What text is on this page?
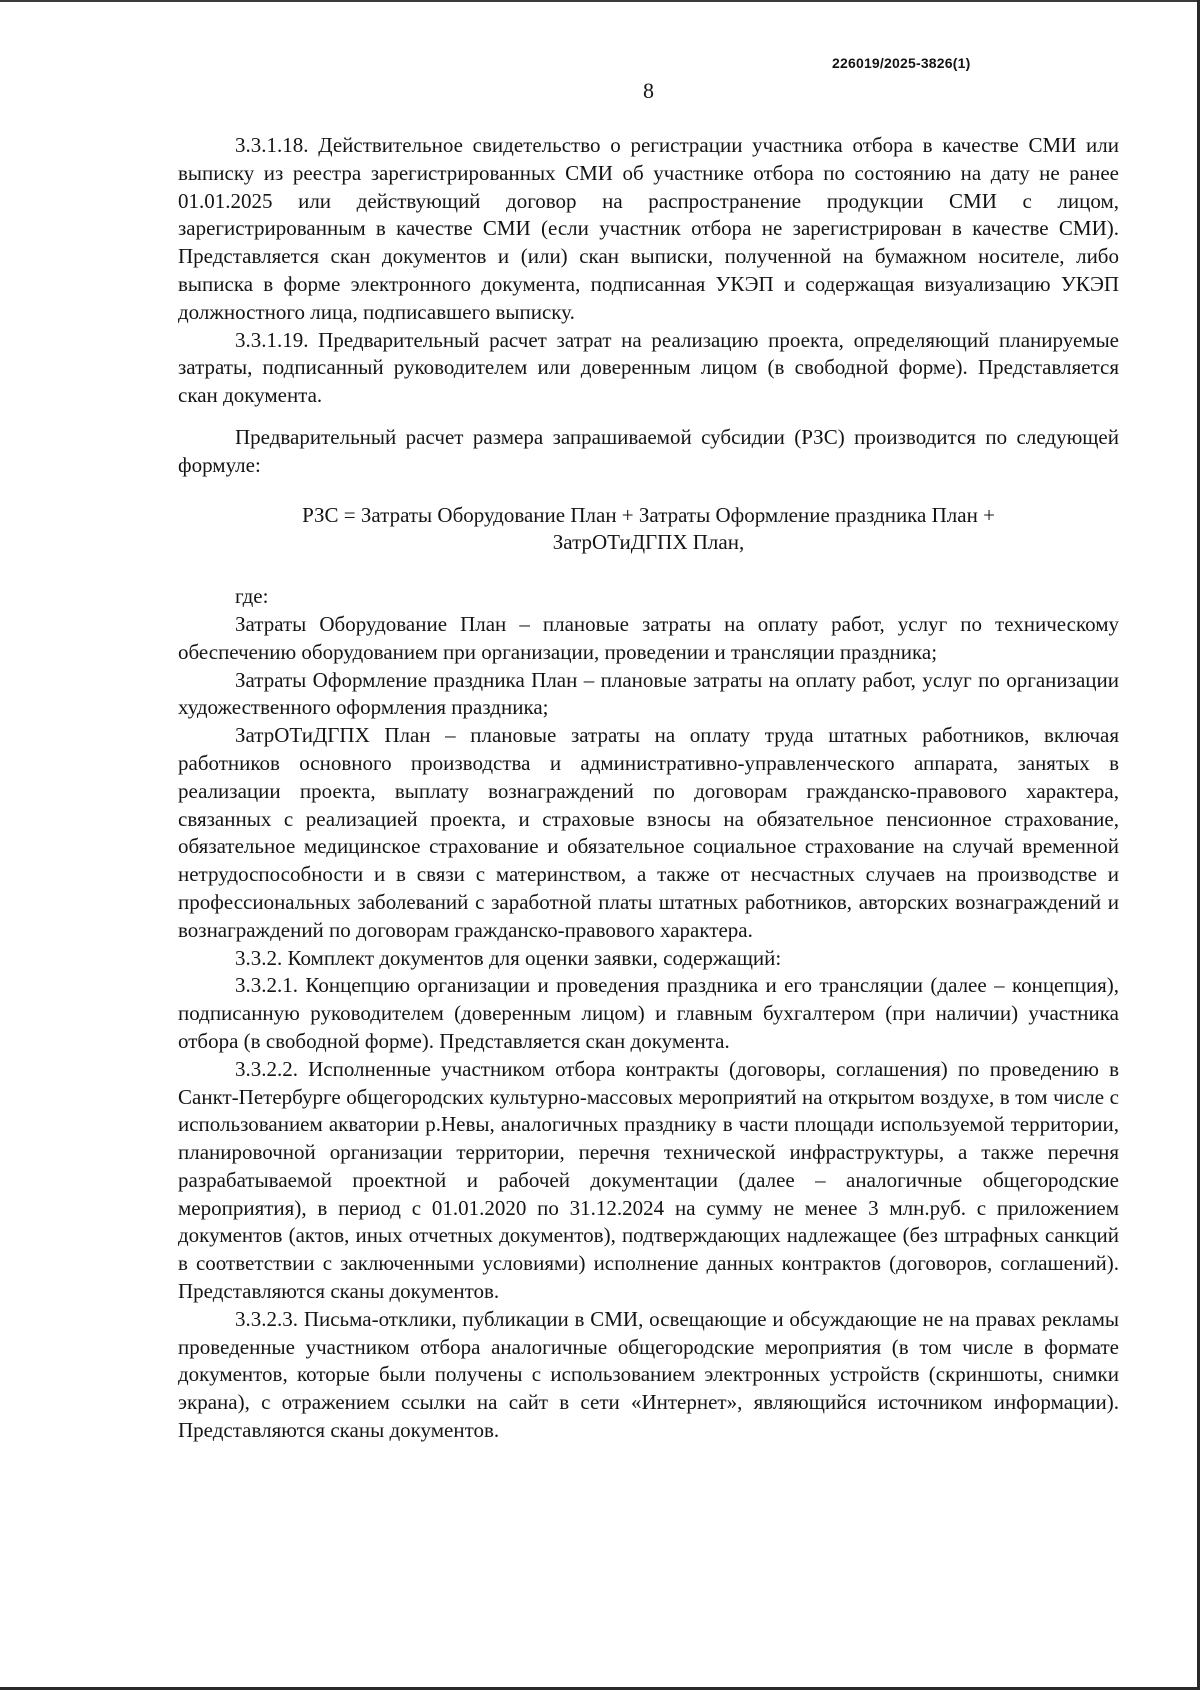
226019/2025-3826(1)
8

3.3.1.18. Действительное свидетельство о регистрации участника отбора в качестве СМИ или выписку из реестра зарегистрированных СМИ об участнике отбора по состоянию на дату не ранее 01.01.2025 или действующий договор на распространение продукции СМИ с лицом, зарегистрированным в качестве СМИ (если участник отбора не зарегистрирован в качестве СМИ). Представляется скан документов и (или) скан выписки, полученной на бумажном носителе, либо выписка в форме электронного документа, подписанная УКЭП и содержащая визуализацию УКЭП должностного лица, подписавшего выписку.

3.3.1.19. Предварительный расчет затрат на реализацию проекта, определяющий планируемые затраты, подписанный руководителем или доверенным лицом (в свободной форме). Представляется скан документа.

Предварительный расчет размера запрашиваемой субсидии (РЗС) производится по следующей формуле:

РЗС = Затраты Оборудование План + Затраты Оформление праздника План +
ЗатрОТиДГПХ План,

где:

Затраты Оборудование План – плановые затраты на оплату работ, услуг по техническому обеспечению оборудованием при организации, проведении и трансляции праздника;

Затраты Оформление праздника План – плановые затраты на оплату работ, услуг по организации художественного оформления праздника;

ЗатрОТиДГПХ План – плановые затраты на оплату труда штатных работников, включая работников основного производства и административно-управленческого аппарата, занятых в реализации проекта, выплату вознаграждений по договорам гражданско-правового характера, связанных с реализацией проекта, и страховые взносы на обязательное пенсионное страхование, обязательное медицинское страхование и обязательное социальное страхование на случай временной нетрудоспособности и в связи с материнством, а также от несчастных случаев на производстве и профессиональных заболеваний с заработной платы штатных работников, авторских вознаграждений и вознаграждений по договорам гражданско-правового характера.

3.3.2. Комплект документов для оценки заявки, содержащий:

3.3.2.1. Концепцию организации и проведения праздника и его трансляции (далее – концепция), подписанную руководителем (доверенным лицом) и главным бухгалтером (при наличии) участника отбора (в свободной форме). Представляется скан документа.

3.3.2.2. Исполненные участником отбора контракты (договоры, соглашения) по проведению в Санкт-Петербурге общегородских культурно-массовых мероприятий на открытом воздухе, в том числе с использованием акватории р.Невы, аналогичных празднику в части площади используемой территории, планировочной организации территории, перечня технической инфраструктуры, а также перечня разрабатываемой проектной и рабочей документации (далее – аналогичные общегородские мероприятия), в период с 01.01.2020 по 31.12.2024 на сумму не менее 3 млн.руб. с приложением документов (актов, иных отчетных документов), подтверждающих надлежащее (без штрафных санкций в соответствии с заключенными условиями) исполнение данных контрактов (договоров, соглашений). Представляются сканы документов.

3.3.2.3. Письма-отклики, публикации в СМИ, освещающие и обсуждающие не на правах рекламы проведенные участником отбора аналогичные общегородские мероприятия (в том числе в формате документов, которые были получены с использованием электронных устройств (скриншоты, снимки экрана), с отражением ссылки на сайт в сети «Интернет», являющийся источником информации). Представляются сканы документов.
